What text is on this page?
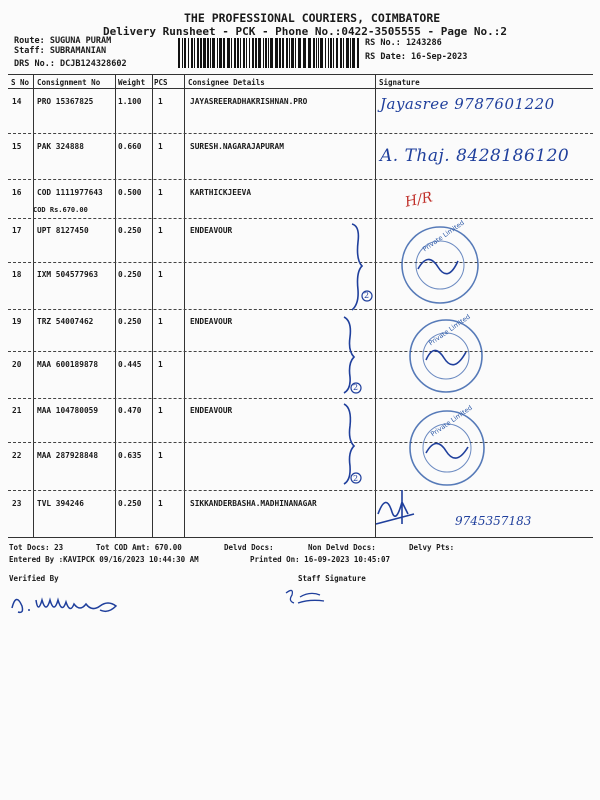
THE PROFESSIONAL COURIERS, COIMBATORE
Delivery Runsheet - PCK - Phone No.:0422-3505555 - Page No.:2
Route: SUGUNA PURAM
Staff: SUBRAMANIAN
DRS No.: DCJB124328602
RS No.: 1243286
RS Date: 16-Sep-2023
S No Consignment No Weight PCS	Consignee Details	Signature
14 PRO 15367825	1.100 1	JAYASREERADHAKRISHNAN.PRO
15 PAK 324888	0.660 1	SURESH.NAGARAJAPURAM
16 COD 1111977643 0.500 1	KARTHICKJEEVA
COD Rs.670.00
17 UPT 8127450	0.250 1	ENDEAVOUR
18 IXM 504577963	0.250 1
19 TRZ 54007462	0.250 1	ENDEAVOUR
20 MAA 600189878	0.445 1
21 MAA 104780059	0.470 1	ENDEAVOUR
22 MAA 287928848	0.635 1
23 TVL 394246	0.250 1	SIKKANDERBASHA.MADHINANAGAR
Jayasree 9787601220
A. Thaj. 8428186120
H/R
2
2
2
Private Limited
Private Limited
Private Limited
9745357183
Tot Docs: 23	Tot COD Amt: 670.00	Delvd Docs:	Non Delvd Docs:	Delvy Pts:
Entered By :KAVIPCK 09/16/2023 10:44:30 AM	Printed On: 16-09-2023 10:45:07
Verified By	Staff Signature
